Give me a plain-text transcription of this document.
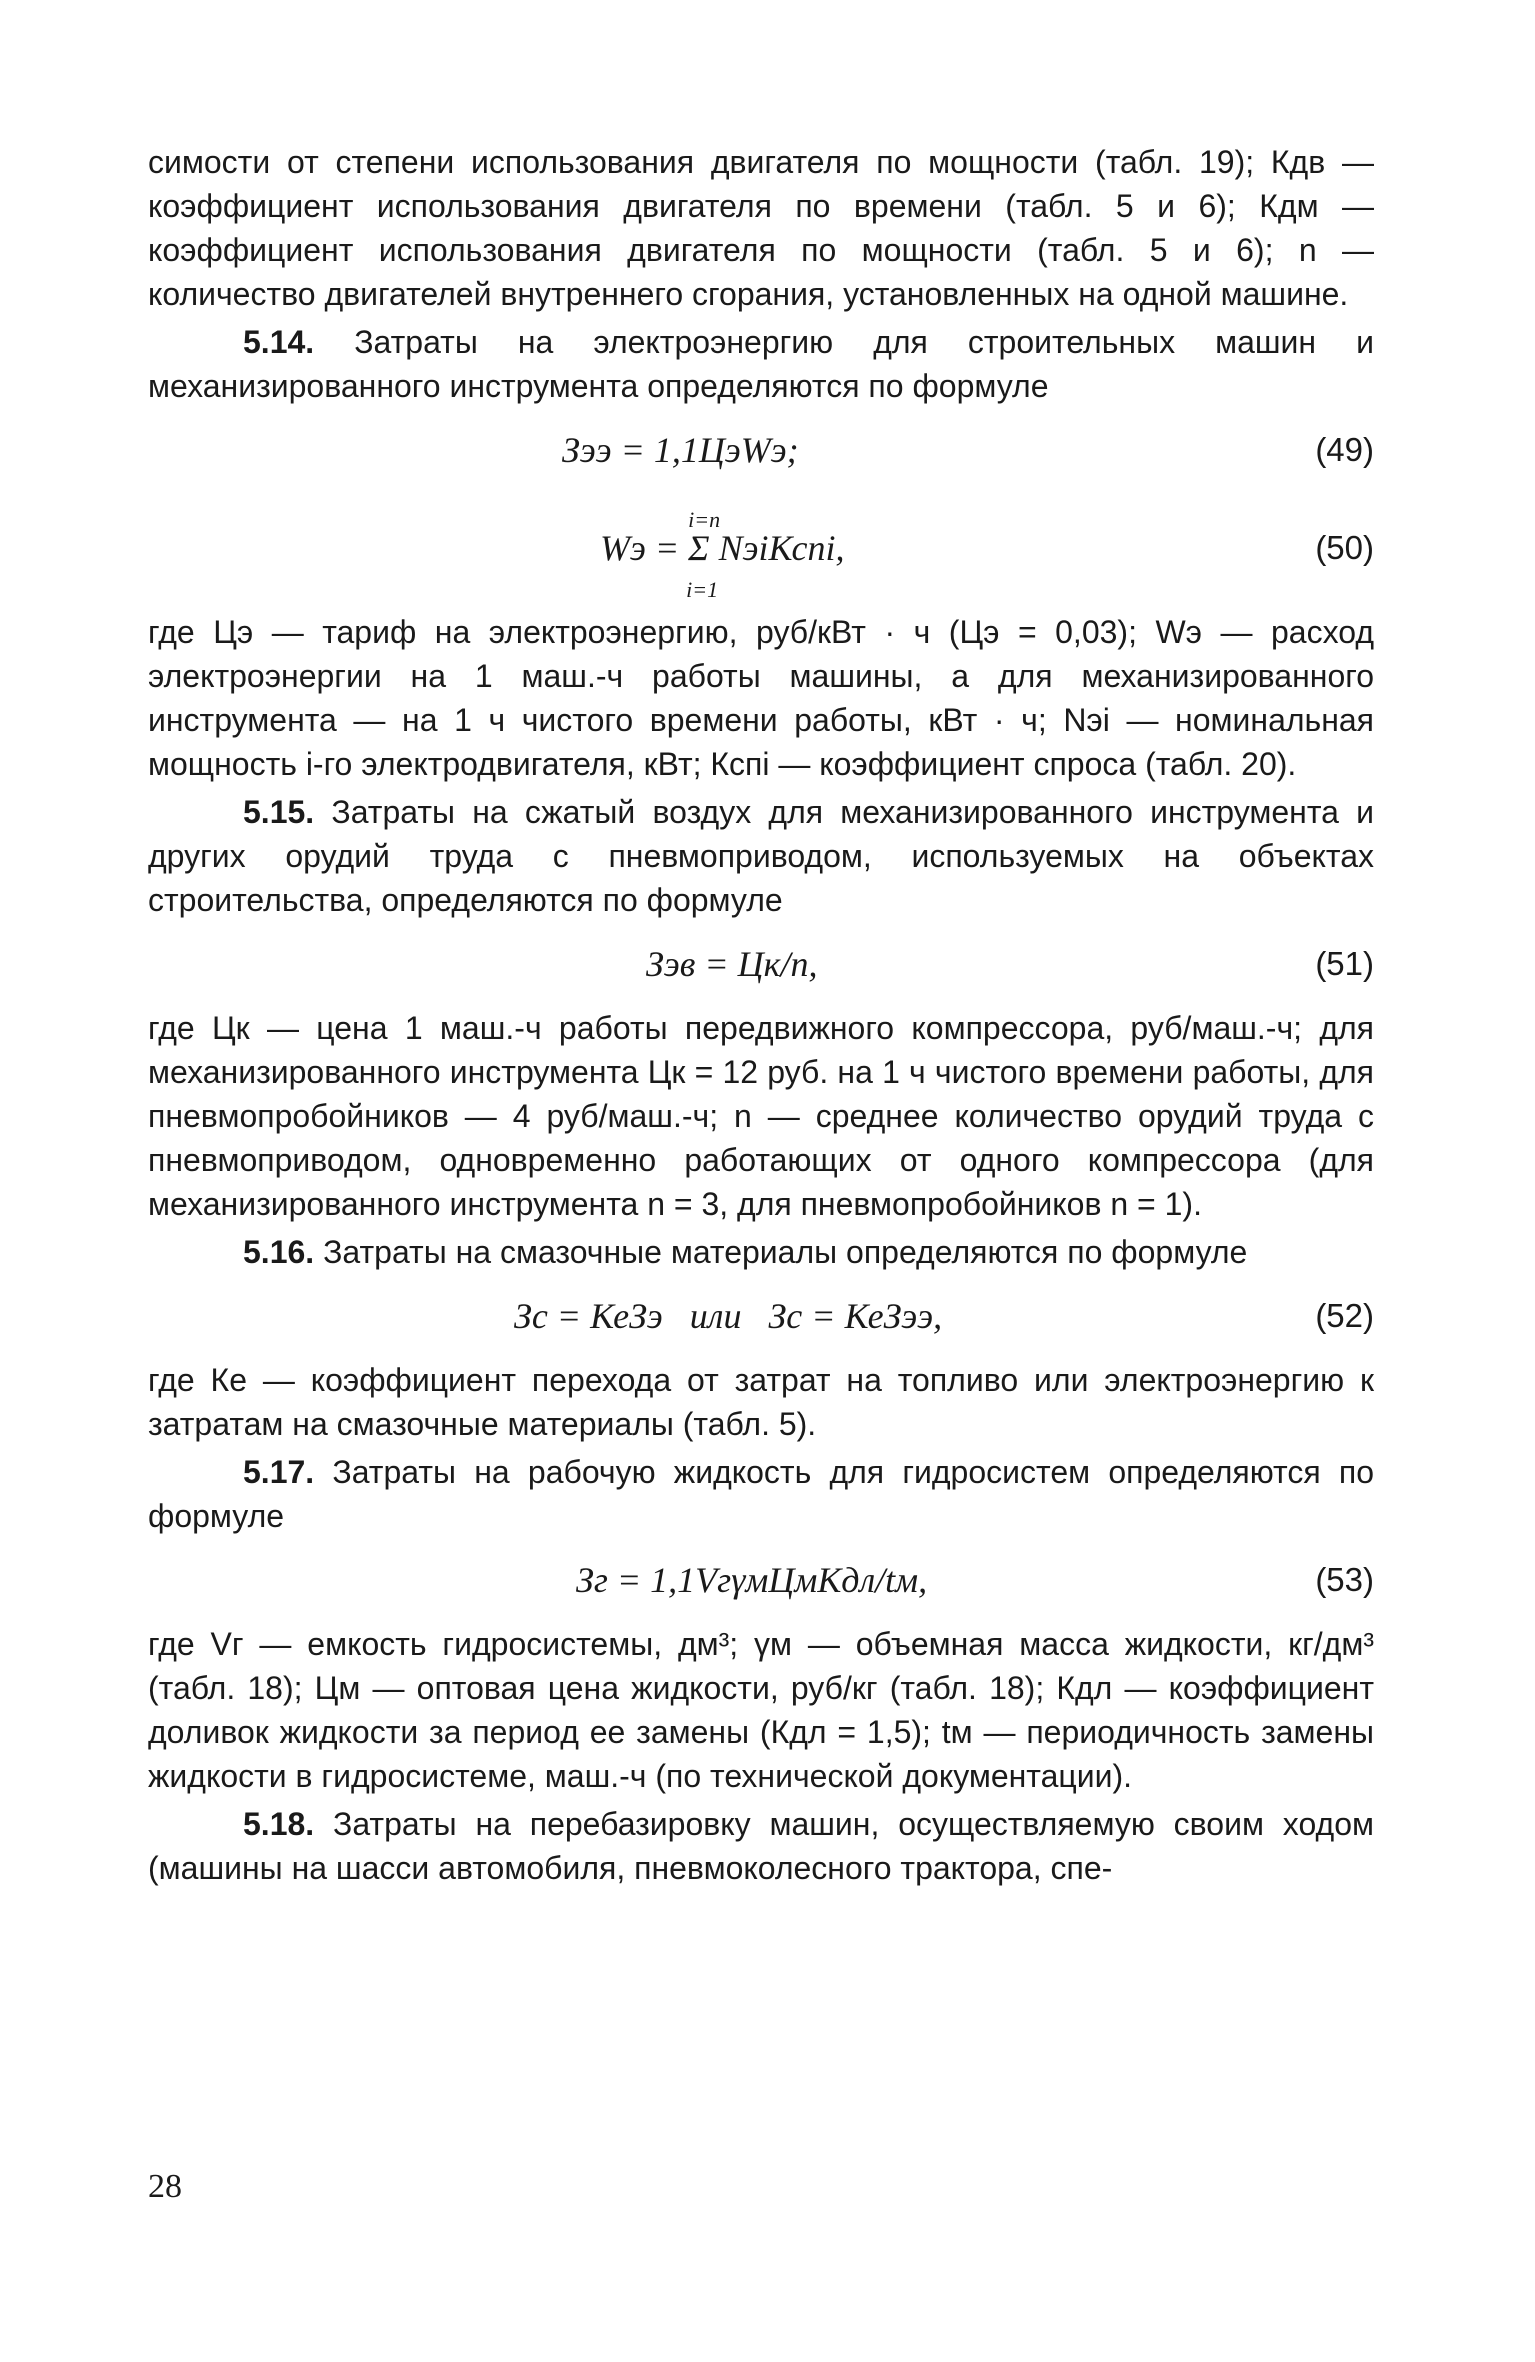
симости от степени использования двигателя по мощности (табл. 19); Кдв — коэффициент использования двигателя по времени (табл. 5 и 6); Кдм — коэффициент использования двигателя по мощности (табл. 5 и 6); n — количество двигателей внутреннего сгорания, установленных на одной машине.

5.14. Затраты на электроэнергию для строительных машин и механизированного инструмента определяются по формуле

Зээ = 1,1ЦэWэ;	(49)
Wэ =
i=n
Σ
i=1
NэiКспi,	(50)

где Цэ — тариф на электроэнергию, руб/кВт · ч (Цэ = 0,03); Wэ — расход электроэнергии на 1 маш.-ч работы машины, а для механизированного инструмента — на 1 ч чистого времени работы, кВт · ч; Nэi — номинальная мощность i-го электродвигателя, кВт; Кспi — коэффициент спроса (табл. 20).

5.15. Затраты на сжатый воздух для механизированного инструмента и других орудий труда с пневмоприводом, используемых на объектах строительства, определяются по формуле

Зэв = Цк/n,	(51)

где Цк — цена 1 маш.-ч работы передвижного компрессора, руб/маш.-ч; для механизированного инструмента Цк = 12 руб. на 1 ч чистого времени работы, для пневмопробойников — 4 руб/маш.-ч; n — среднее количество орудий труда с пневмоприводом, одновременно работающих от одного компрессора (для механизированного инструмента n = 3, для пневмопробойников n = 1).

5.16. Затраты на смазочные материалы определяются по формуле

Зс = КеЗэ   или   Зс = КеЗээ,	(52)

где Ке — коэффициент перехода от затрат на топливо или электроэнергию к затратам на смазочные материалы (табл. 5).

5.17. Затраты на рабочую жидкость для гидросистем определяются по формуле

Зг = 1,1VгγмЦмКдл/tм,	(53)

где Vг — емкость гидросистемы, дм³; γм — объемная масса жидкости, кг/дм³ (табл. 18); Цм — оптовая цена жидкости, руб/кг (табл. 18); Кдл — коэффициент доливок жидкости за период ее замены (Кдл = 1,5); tм — периодичность замены жидкости в гидросистеме, маш.-ч (по технической документации).

5.18. Затраты на перебазировку машин, осуществляемую своим ходом (машины на шасси автомобиля, пневмоколесного трактора, спе-

28
